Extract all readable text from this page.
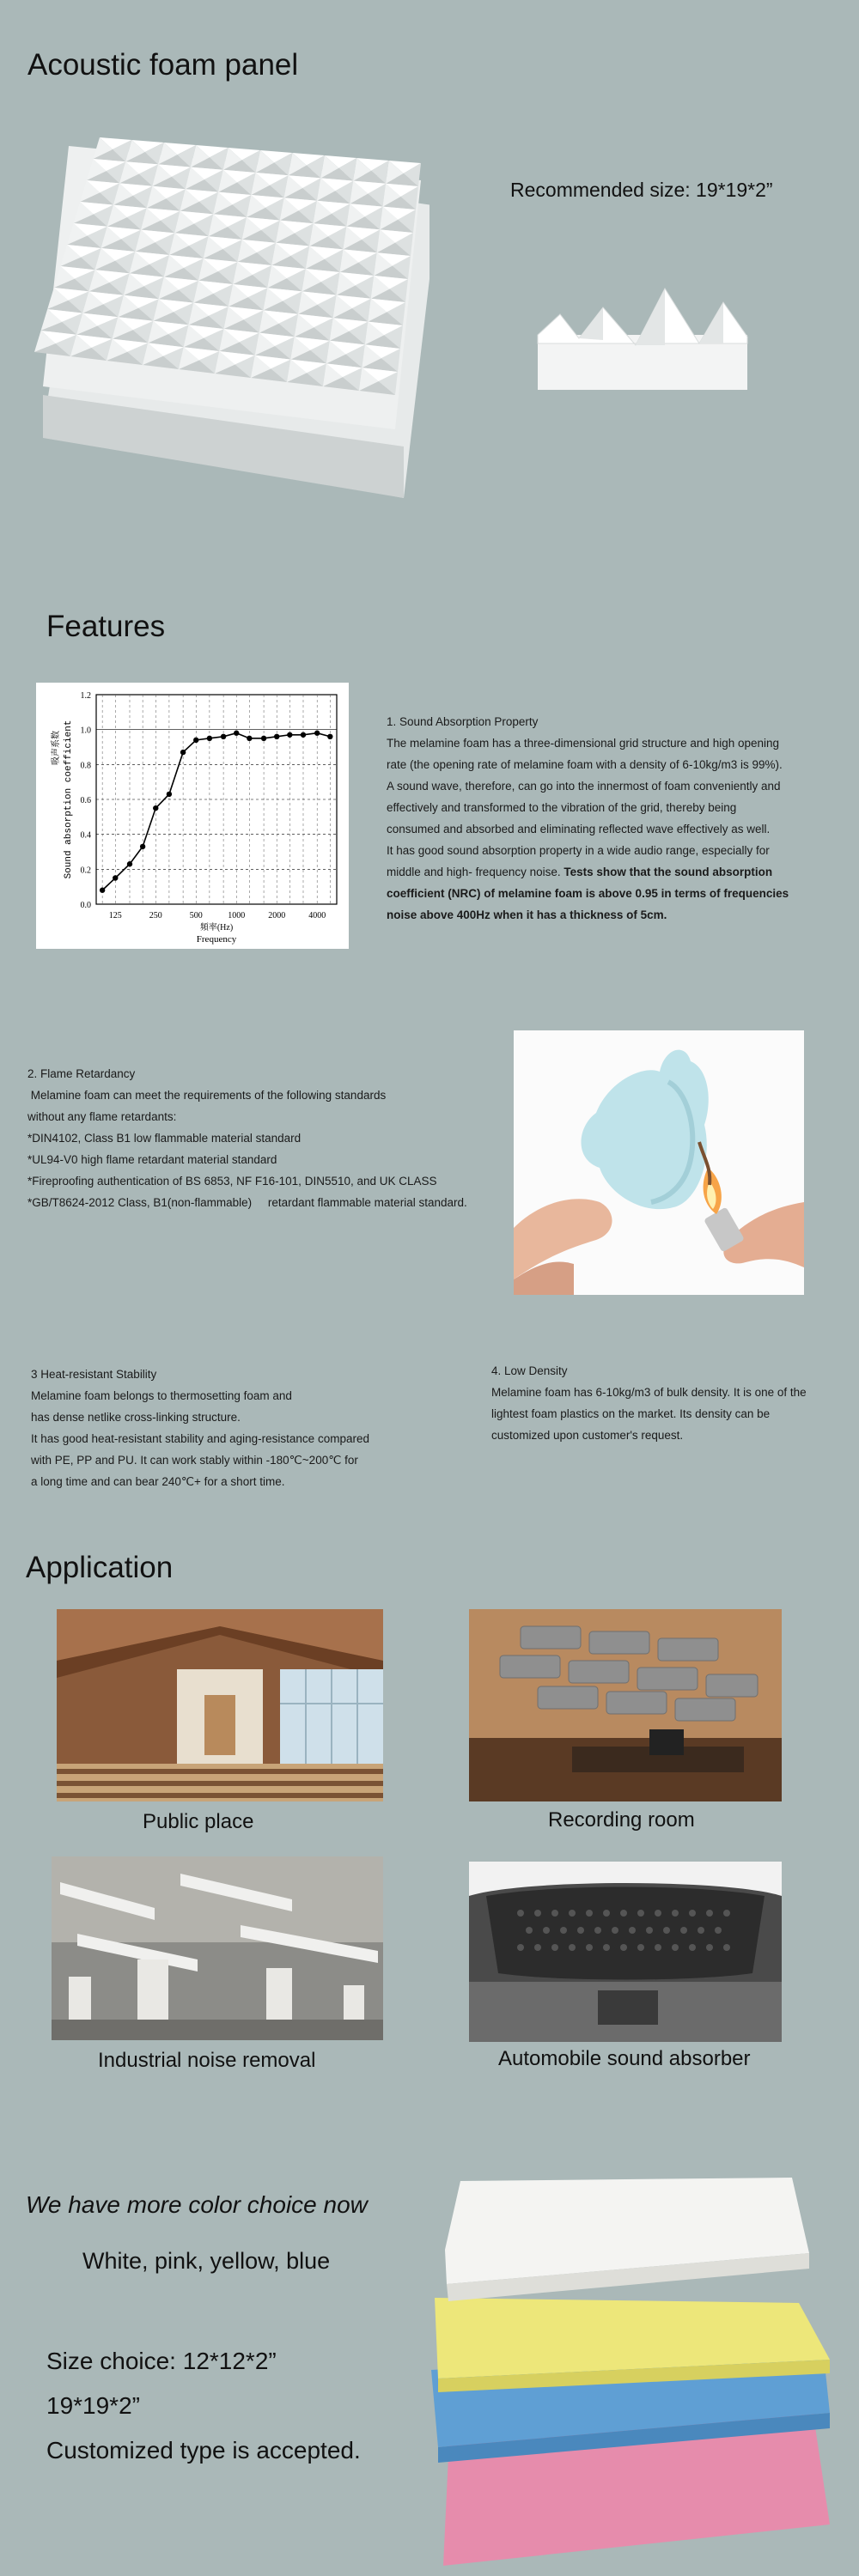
Acoustic foam panel
Recommended size: 19*19*2”
Features
0.0
0.2
0.4
0.6
0.8
1.0
1.2
125	250	500	1000	2000	4000
頻率(Hz)
Frequency
Sound absorption coefficient
吸声系数
1. Sound Absorption Property
The melamine foam has a three-dimensional grid structure and high opening
rate (the opening rate of melamine foam with a density of 6-10kg/m3 is 99%).
A sound wave, therefore, can go into the innermost of foam conveniently and
effectively and transformed to the vibration of the grid, thereby being
consumed and absorbed and eliminating reflected wave effectively as well.
It has good sound absorption property in a wide audio range, especially for
middle and high- frequency noise. Tests show that the sound absorption
coefficient (NRC) of melamine foam is above 0.95 in terms of frequencies
noise above 400Hz when it has a thickness of 5cm.
2. Flame Retardancy
Melamine foam can meet the requirements of the following standards
without any flame retardants:
*DIN4102, Class B1 low flammable material standard
*UL94-V0 high flame retardant material standard
*Fireproofing authentication of BS 6853, NF F16-101, DIN5510, and UK CLASS
*GB/T8624-2012 Class, B1(non-flammable)     retardant flammable material standard.
3 Heat-resistant Stability
Melamine foam belongs to thermosetting foam and
has dense netlike cross-linking structure.
It has good heat-resistant stability and aging-resistance compared
with PE, PP and PU. It can work stably within -180℃~200℃ for
a long time and can bear 240℃+ for a short time.
4. Low Density
Melamine foam has 6-10kg/m3 of bulk density. It is one of the
lightest foam plastics on the market. Its density can be
customized upon customer's request.
Application
Public place	Recording room
Industrial noise removal	Automobile sound absorber
We have more color choice now
White, pink, yellow, blue
Size choice: 12*12*2”
19*19*2”
Customized type is accepted.
